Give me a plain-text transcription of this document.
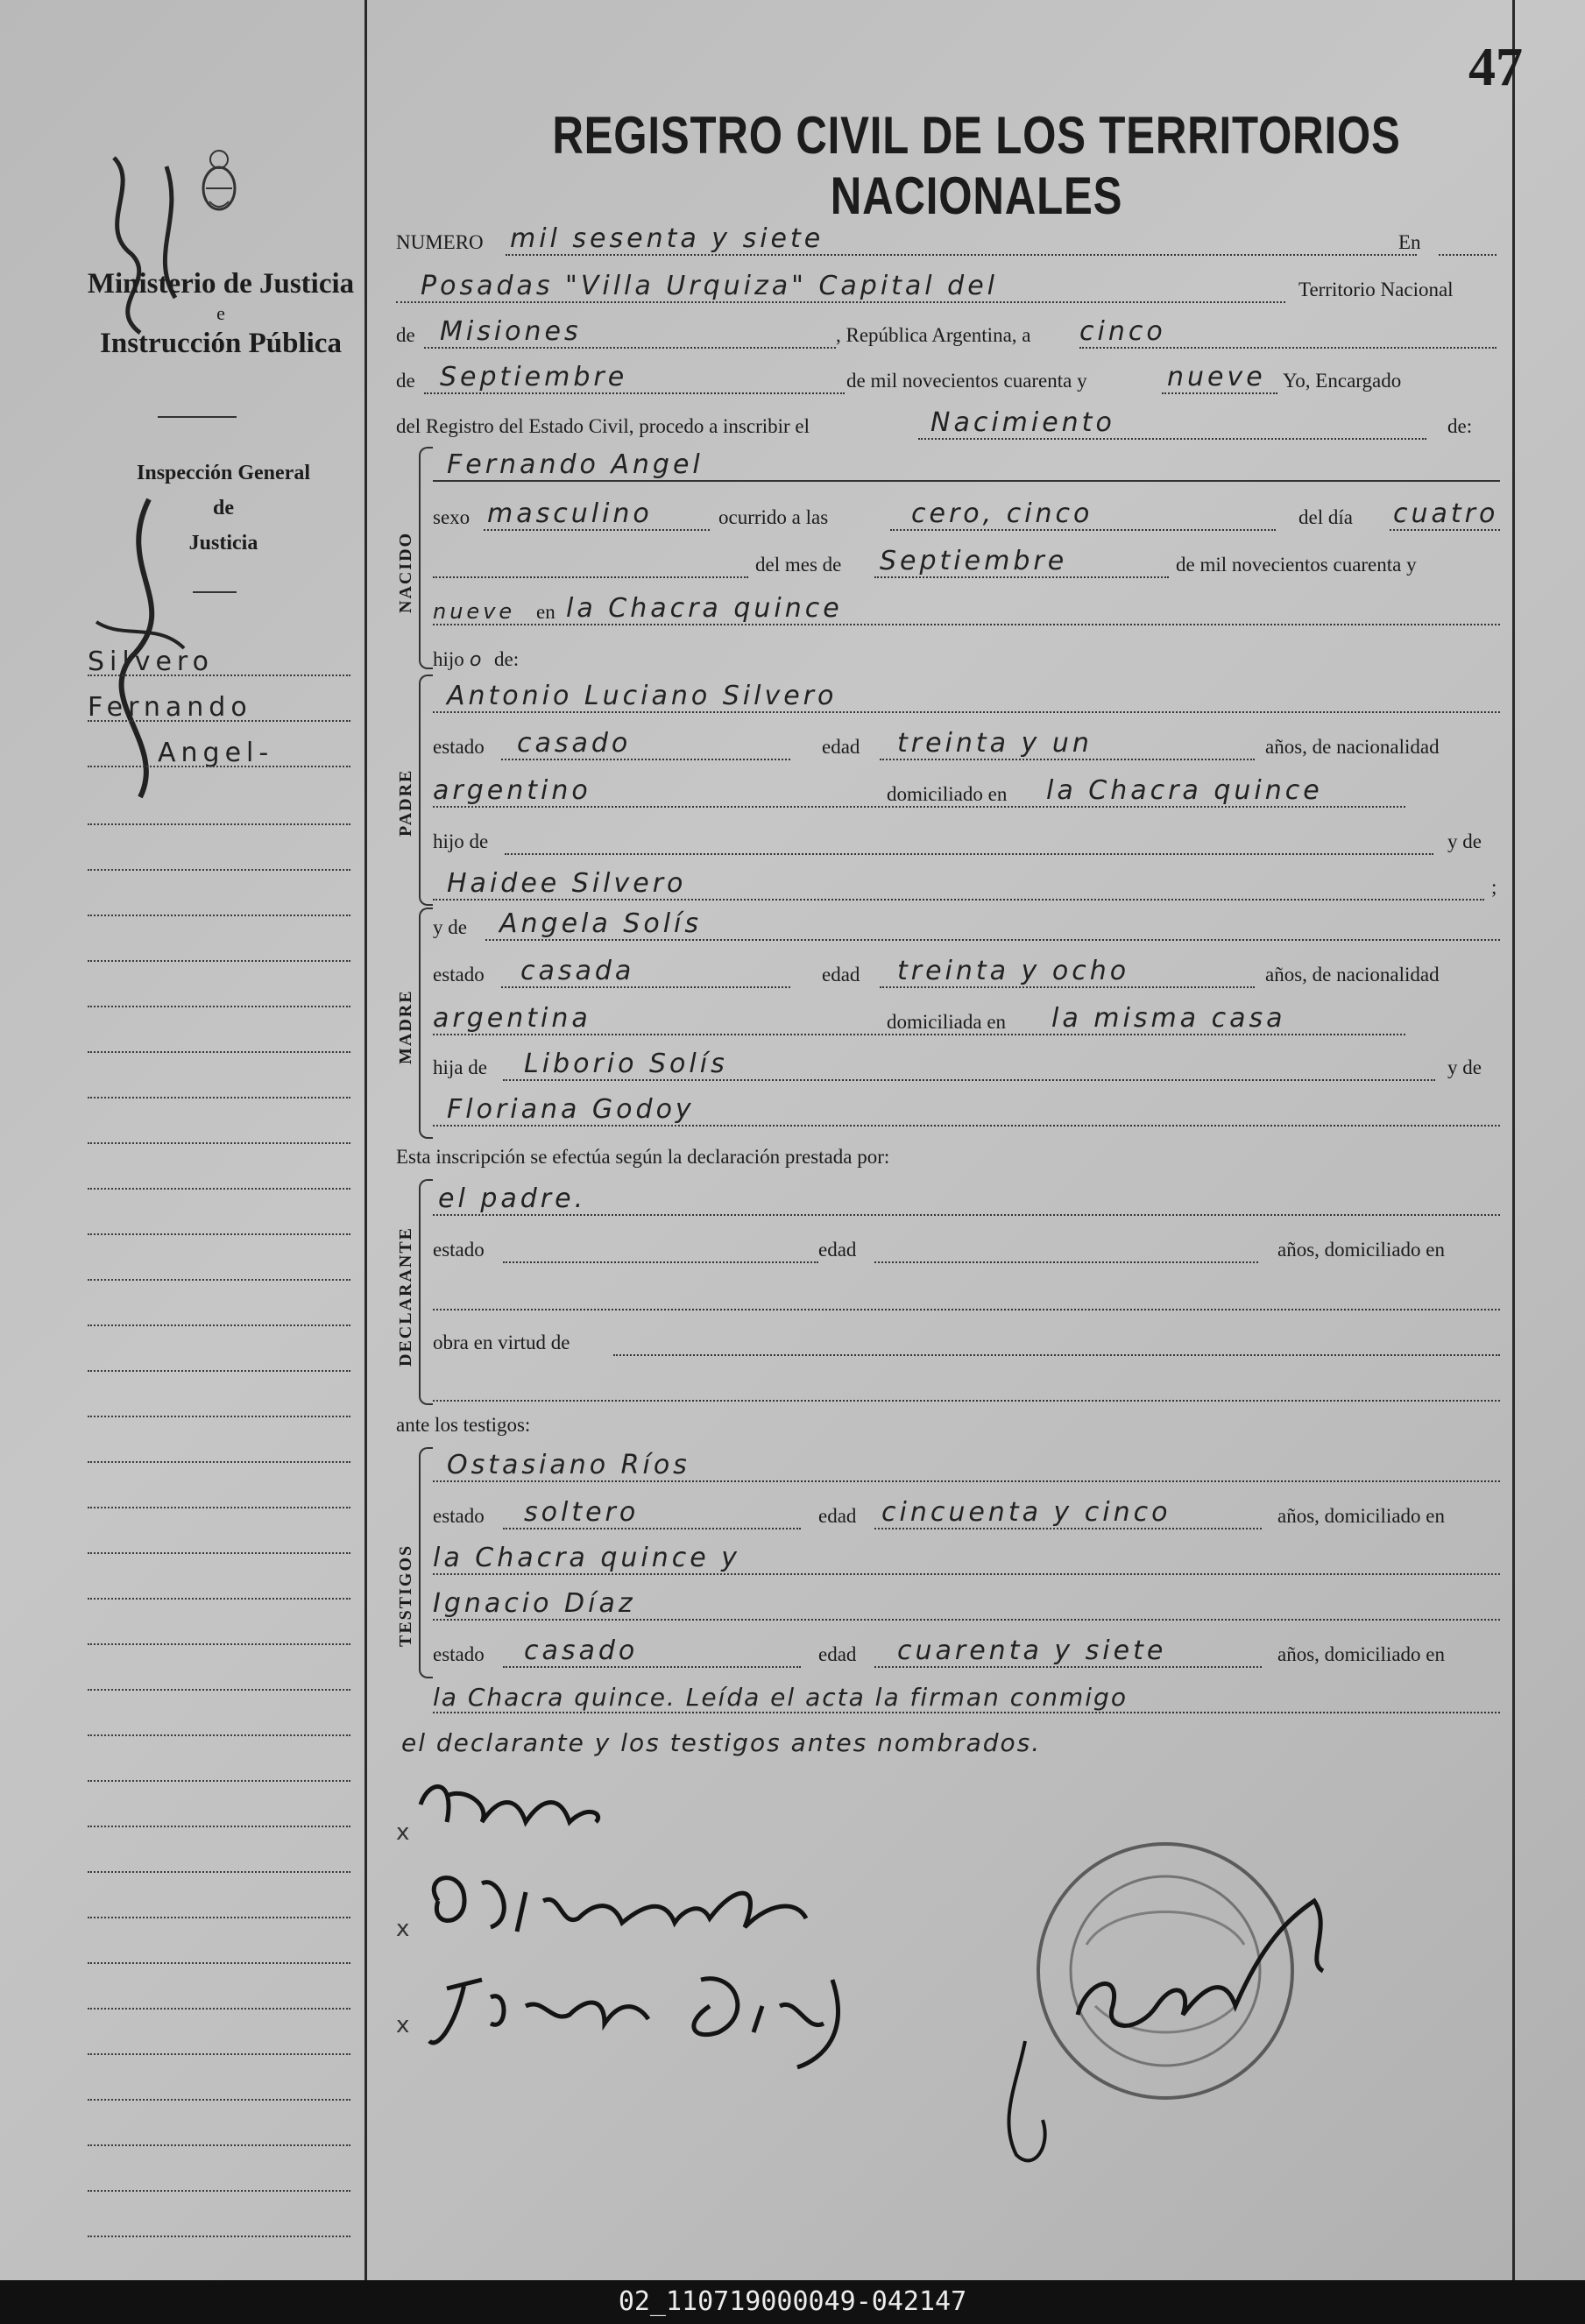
Ministerio de Justicia
e
Instrucción Pública
Inspección General
de
Justicia
Silvero
Fernando
Angel-
47
REGISTRO CIVIL DE LOS TERRITORIOS NACIONALES
NUMERO mil sesenta y siete	En
Posadas "Villa Urquiza" Capital del	Territorio Nacional
de Misiones	, República Argentina, a cinco
de Septiembre	de mil novecientos cuarenta y	nueve Yo, Encargado
del Registro del Estado Civil, procedo a inscribir el	Nacimiento	de:
NACIDO
Fernando Angel
sexo masculino	ocurrido a las	cero, cinco	del día cuatro
del mes de Septiembre	de mil novecientos cuarenta y
nueve en la Chacra quince
hijo o de:
PADRE
Antonio Luciano Silvero
estado casado	edad treinta y un	años, de nacionalidad
argentino	domiciliado en la Chacra quince
hijo de	y de
Haidee Silvero	;
MADRE
y de Angela Solís
estado casada	edad treinta y ocho	años, de nacionalidad
argentina	domiciliada en la misma casa
hija de Liborio Solís	y de
Floriana Godoy
Esta inscripción se efectúa según la declaración prestada por:
DECLARANTE
el padre.
estado	edad	años, domiciliado en
obra en virtud de
ante los testigos:
TESTIGOS
Ostasiano Ríos
estado soltero	edad cincuenta y cinco	años, domiciliado en
la Chacra quince y
Ignacio Díaz
estado casado	edad cuarenta y siete	años, domiciliado en
la Chacra quince. Leída el acta la firman conmigo
el declarante y los testigos antes nombrados.
x
x
x
02_110719000049-042147
